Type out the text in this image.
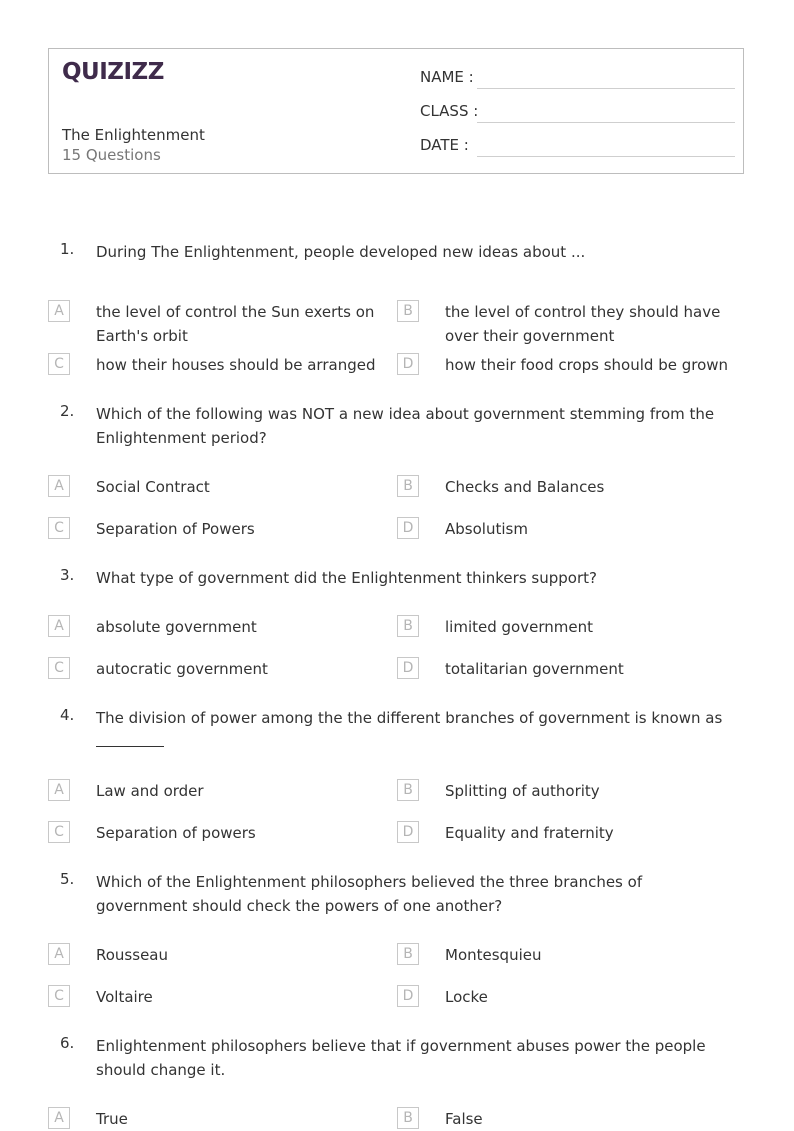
QUIZIZZ
The Enlightenment
15 Questions
NAME :
CLASS :
DATE :
1. During The Enlightenment, people developed new ideas about ...
A	the level of control the Sun exerts on Earth's orbit
B	the level of control they should have over their government
C	how their houses should be arranged	D	how their food crops should be grown
2. Which of the following was NOT a new idea about government stemming from the Enlightenment period?
A	Social Contract	B	Checks and Balances
C	Separation of Powers	D	Absolutism
3. What type of government did the Enlightenment thinkers support?
A	absolute government	B	limited government
C	autocratic government	D	totalitarian government
4. The division of power among the the different branches of government is known as

A	Law and order	B	Splitting of authority
C	Separation of powers	D	Equality and fraternity
5. Which of the Enlightenment philosophers believed the three branches of government should check the powers of one another?
A	Rousseau	B	Montesquieu
C	Voltaire	D	Locke
6. Enlightenment philosophers believe that if government abuses power the people should change it.
A	True	B	False
